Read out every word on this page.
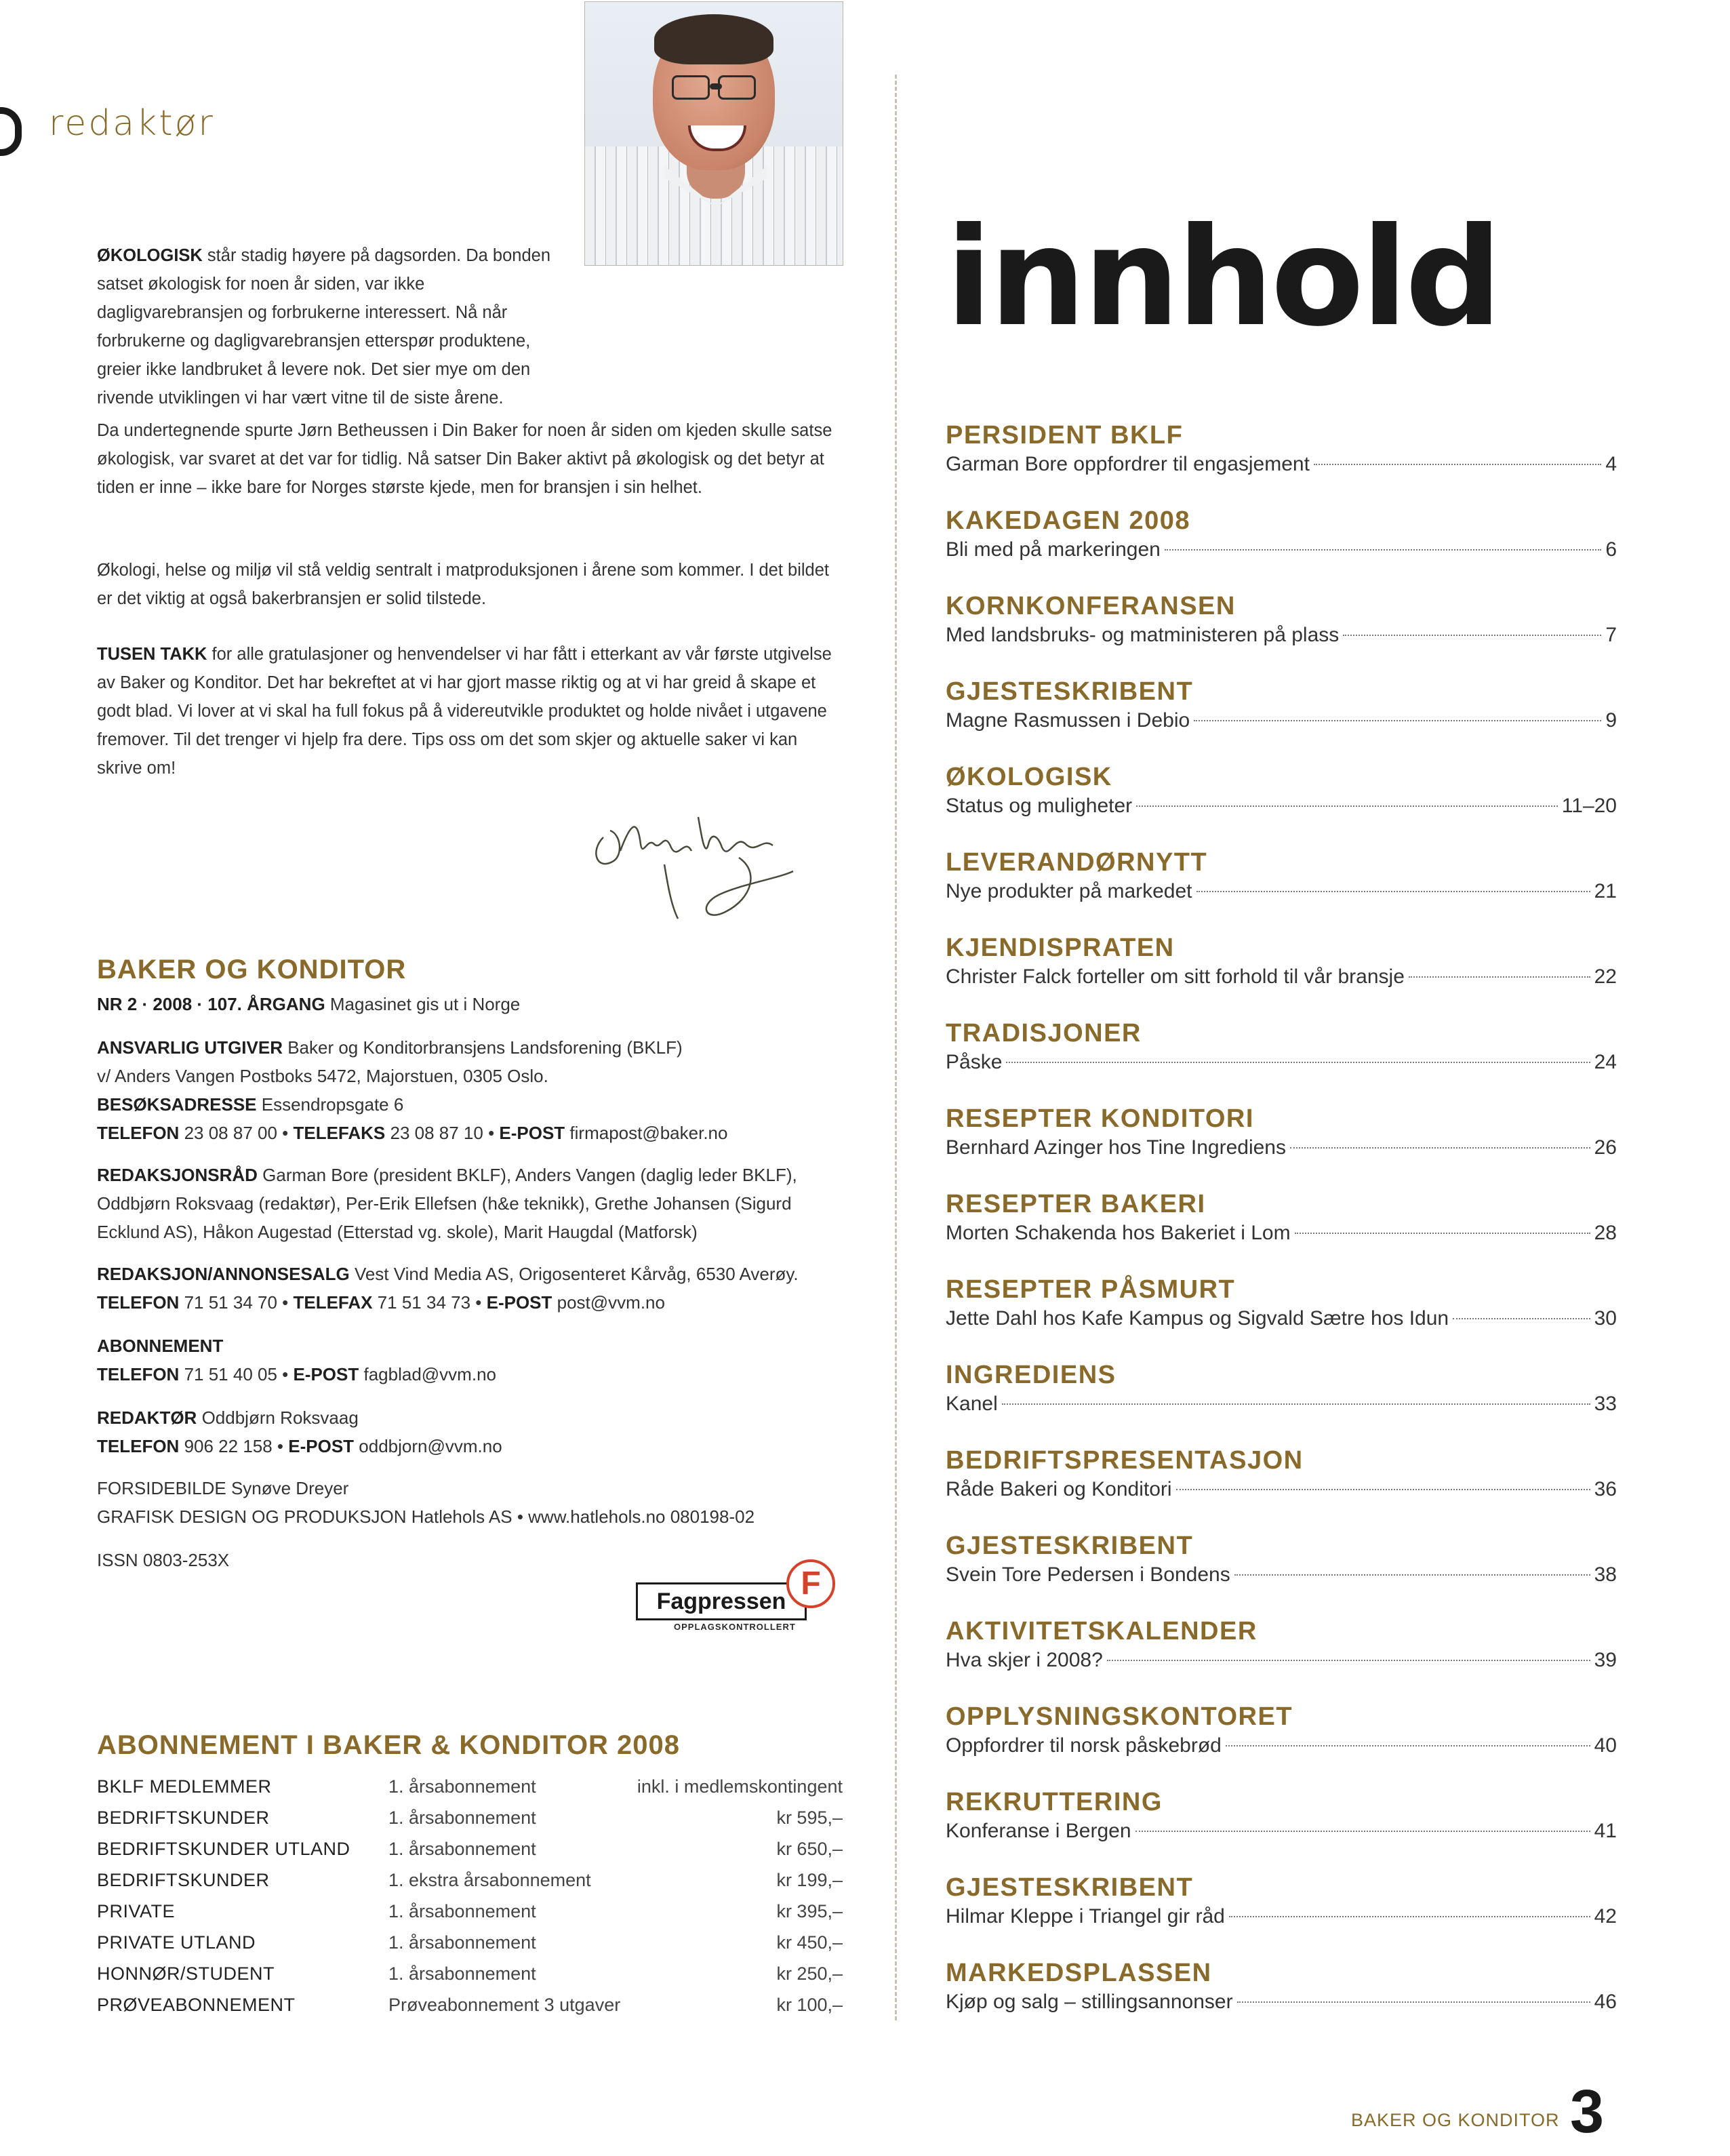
redaktør
ØKOLOGISK står stadig høyere på dagsorden. Da bonden satset økologisk for noen år siden, var ikke dagligvarebransjen og forbrukerne interessert. Nå når forbrukerne og dagligvarebransjen etterspør produktene, greier ikke landbruket å levere nok. Det sier mye om den rivende utviklingen vi har vært vitne til de siste årene.
Da undertegnende spurte Jørn Betheussen i Din Baker for noen år siden om kjeden skulle satse økologisk, var svaret at det var for tidlig. Nå satser Din Baker aktivt på økologisk og det betyr at tiden er inne – ikke bare for Norges største kjede, men for bransjen i sin helhet.
Økologi, helse og miljø vil stå veldig sentralt i matproduksjonen i årene som kommer. I det bildet er det viktig at også bakerbransjen er solid tilstede.
TUSEN TAKK for alle gratulasjoner og henvendelser vi har fått i etterkant av vår første utgivelse av Baker og Konditor. Det har bekreftet at vi har gjort masse riktig og at vi har greid å skape et godt blad. Vi lover at vi skal ha full fokus på å videreutvikle produktet og holde nivået i utgavene fremover. Til det trenger vi hjelp fra dere. Tips oss om det som skjer og aktuelle saker vi kan skrive om!
BAKER OG KONDITOR
NR 2 · 2008 · 107. ÅRGANG Magasinet gis ut i Norge
ANSVARLIG UTGIVER Baker og Konditorbransjens Landsforening (BKLF)
v/ Anders Vangen Postboks 5472, Majorstuen, 0305 Oslo.
BESØKSADRESSE Essendropsgate 6
TELEFON 23 08 87 00 • TELEFAKS 23 08 87 10 • E-POST firmapost@baker.no
REDAKSJONSRÅD Garman Bore (president BKLF), Anders Vangen (daglig leder BKLF), Oddbjørn Roksvaag (redaktør), Per-Erik Ellefsen (h&e teknikk), Grethe Johansen (Sigurd Ecklund AS), Håkon Augestad (Etterstad vg. skole), Marit Haugdal (Matforsk)
REDAKSJON/ANNONSESALG Vest Vind Media AS, Origosenteret Kårvåg, 6530 Averøy.
TELEFON 71 51 34 70 • TELEFAX 71 51 34 73 • E-POST post@vvm.no
ABONNEMENT
TELEFON 71 51 40 05 • E-POST fagblad@vvm.no
REDAKTØR Oddbjørn Roksvaag
TELEFON 906 22 158 • E-POST oddbjorn@vvm.no
FORSIDEBILDE Synøve Dreyer
GRAFISK DESIGN OG PRODUKSJON Hatlehols AS • www.hatlehols.no 080198-02
ISSN 0803-253X
Fagpressen F
OPPLAGSKONTROLLERT
ABONNEMENT I BAKER & KONDITOR 2008
BKLF MEDLEMMER	1. årsabonnement	inkl. i medlemskontingent
BEDRIFTSKUNDER	1. årsabonnement	kr 595,–
BEDRIFTSKUNDER UTLAND 1. årsabonnement	kr 650,–
BEDRIFTSKUNDER	1. ekstra årsabonnement	kr 199,–
PRIVATE	1. årsabonnement	kr 395,–
PRIVATE UTLAND	1. årsabonnement	kr 450,–
HONNØR/STUDENT	1. årsabonnement	kr 250,–
PRØVEABONNEMENT	Prøveabonnement 3 utgaver	kr 100,–
innhold
PERSIDENT BKLF
Garman Bore oppfordrer til engasjement	4
KAKEDAGEN 2008
Bli med på markeringen	6
KORNKONFERANSEN
Med landsbruks- og matministeren på plass	7
GJESTESKRIBENT
Magne Rasmussen i Debio	9
ØKOLOGISK
Status og muligheter	11–20
LEVERANDØRNYTT
Nye produkter på markedet	21
KJENDISPRATEN
Christer Falck forteller om sitt forhold til vår bransje	22
TRADISJONER
Påske	24
RESEPTER KONDITORI
Bernhard Azinger hos Tine Ingrediens	26
RESEPTER BAKERI
Morten Schakenda hos Bakeriet i Lom	28
RESEPTER PÅSMURT
Jette Dahl hos Kafe Kampus og Sigvald Sætre hos Idun	30
INGREDIENS
Kanel	33
BEDRIFTSPRESENTASJON
Råde Bakeri og Konditori	36
GJESTESKRIBENT
Svein Tore Pedersen i Bondens	38
AKTIVITETSKALENDER
Hva skjer i 2008?	39
OPPLYSNINGSKONTORET
Oppfordrer til norsk påskebrød	40
REKRUTTERING
Konferanse i Bergen	41
GJESTESKRIBENT
Hilmar Kleppe i Triangel gir råd	42
MARKEDSPLASSEN
Kjøp og salg – stillingsannonser	46
BAKER OG KONDITOR 3
